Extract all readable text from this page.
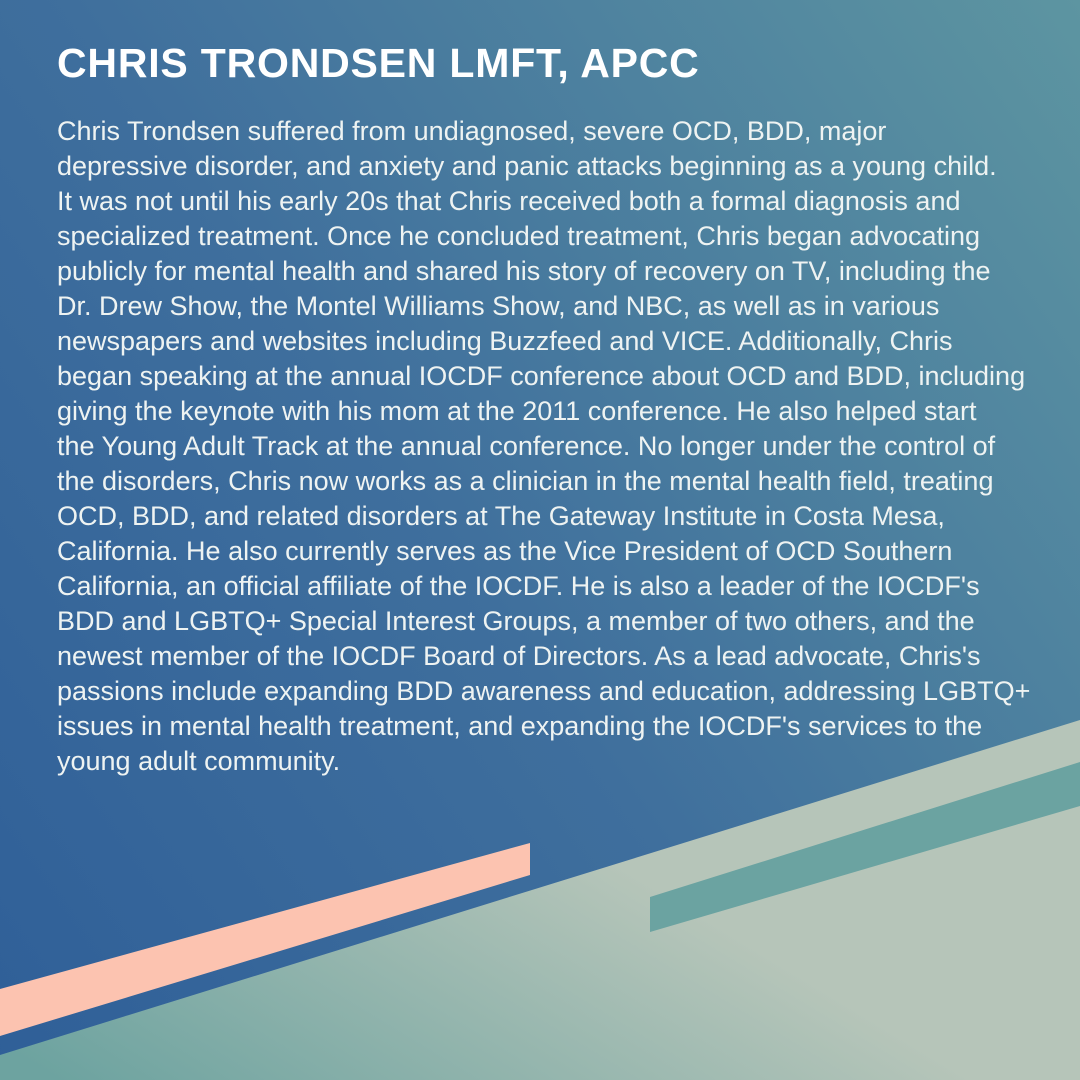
CHRIS TRONDSEN LMFT, APCC
Chris Trondsen suffered from undiagnosed, severe OCD, BDD, major
depressive disorder, and anxiety and panic attacks beginning as a young child.
It was not until his early 20s that Chris received both a formal diagnosis and
specialized treatment. Once he concluded treatment, Chris began advocating
publicly for mental health and shared his story of recovery on TV, including the
Dr. Drew Show, the Montel Williams Show, and NBC, as well as in various
newspapers and websites including Buzzfeed and VICE. Additionally, Chris
began speaking at the annual IOCDF conference about OCD and BDD, including
giving the keynote with his mom at the 2011 conference. He also helped start
the Young Adult Track at the annual conference. No longer under the control of
the disorders, Chris now works as a clinician in the mental health field, treating
OCD, BDD, and related disorders at The Gateway Institute in Costa Mesa,
California. He also currently serves as the Vice President of OCD Southern
California, an official affiliate of the IOCDF. He is also a leader of the IOCDF's
BDD and LGBTQ+ Special Interest Groups, a member of two others, and the
newest member of the IOCDF Board of Directors. As a lead advocate, Chris's
passions include expanding BDD awareness and education, addressing LGBTQ+
issues in mental health treatment, and expanding the IOCDF's services to the
young adult community.
